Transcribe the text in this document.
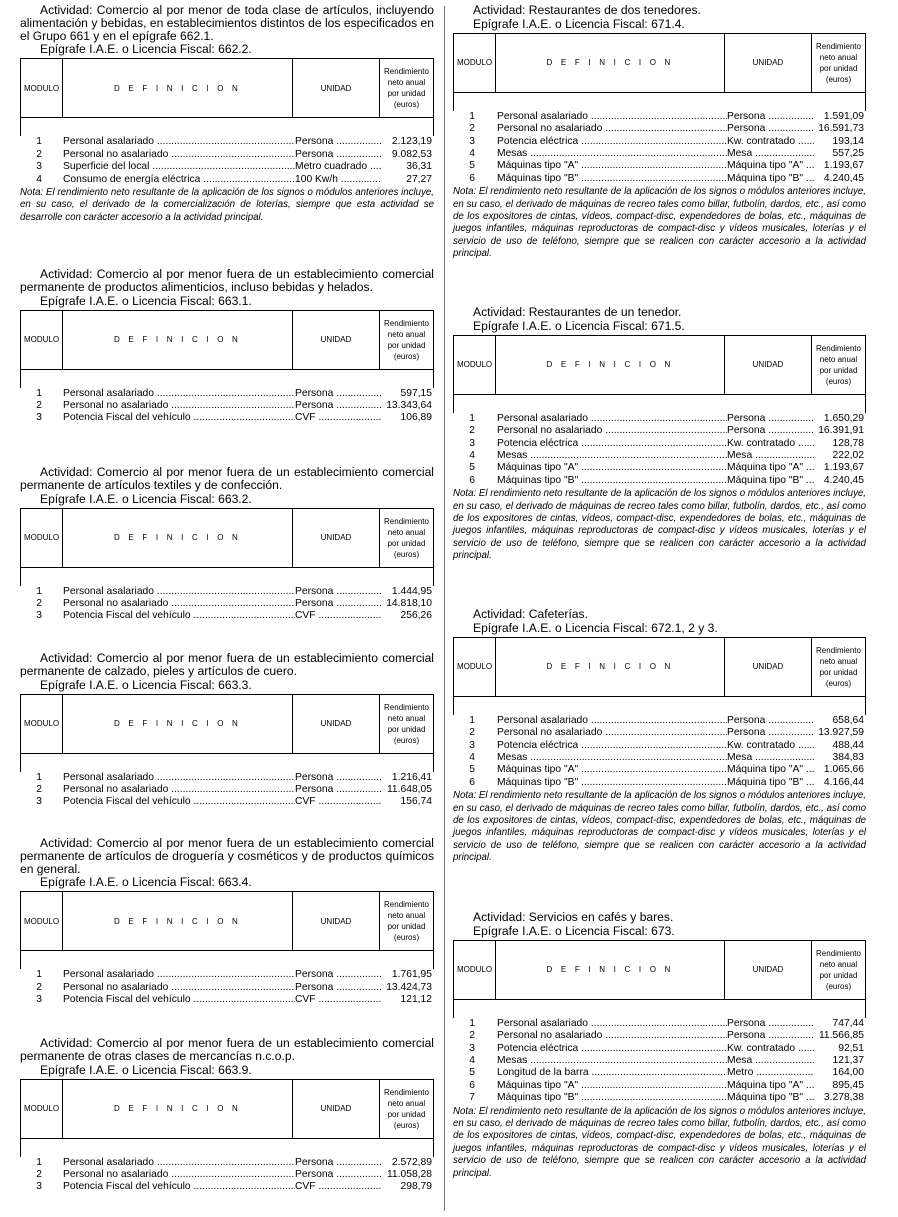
Actividad: Comercio al por menor de toda clase de artículos, incluyendo alimentación y bebidas, en establecimientos distintos de los especificados en el Grupo 661 y en el epígrafe 662.1.
Epígrafe I.A.E. o Licencia Fiscal: 662.2.
MODULO	D E F I N I C I O N	UNIDAD
Rendimiento
neto anual
por unidad
(euros)
1 Personal asalariado .....	Persona .....	2.123,19
2 Personal no asalariado .....	Persona .....	9.082,53
3 Superficie del local .....	Metro cuadrado .....	36,31
4 Consumo de energía eléctrica .....	100 Kw/h .....	27,27
Nota: El rendimiento neto resultante de la aplicación de los signos o módulos anteriores incluye, en su caso, el derivado de la comercialización de loterías, siempre que esta actividad se desarrolle con carácter accesorio a la actividad principal.
Actividad: Comercio al por menor fuera de un establecimiento comercial permanente de productos alimenticios, incluso bebidas y helados.
Epígrafe I.A.E. o Licencia Fiscal: 663.1.
MODULO	D E F I N I C I O N	UNIDAD
Rendimiento
neto anual
por unidad
(euros)
1 Personal asalariado .....	Persona .....	597,15
2 Personal no asalariado .....	Persona .....	13.343,64
3 Potencia Fiscal del vehículo .....	CVF .....	106,89
Actividad: Comercio al por menor fuera de un establecimiento comercial permanente de artículos textiles y de confección.
Epígrafe I.A.E. o Licencia Fiscal: 663.2.
MODULO	D E F I N I C I O N	UNIDAD
Rendimiento
neto anual
por unidad
(euros)
1 Personal asalariado .....	Persona .....	1.444,95
2 Personal no asalariado .....	Persona .....	14.818,10
3 Potencia Fiscal del vehículo .....	CVF .....	256,26
Actividad: Comercio al por menor fuera de un establecimiento comercial permanente de calzado, pieles y artículos de cuero.
Epígrafe I.A.E. o Licencia Fiscal: 663.3.
MODULO	D E F I N I C I O N	UNIDAD
Rendimiento
neto anual
por unidad
(euros)
1 Personal asalariado .....	Persona .....	1.216,41
2 Personal no asalariado .....	Persona .....	11.648,05
3 Potencia Fiscal del vehículo .....	CVF .....	156,74
Actividad: Comercio al por menor fuera de un establecimiento comercial permanente de artículos de droguería y cosméticos y de productos químicos en general.
Epígrafe I.A.E. o Licencia Fiscal: 663.4.
MODULO	D E F I N I C I O N	UNIDAD
Rendimiento
neto anual
por unidad
(euros)
1 Personal asalariado .....	Persona .....	1.761,95
2 Personal no asalariado .....	Persona .....	13.424,73
3 Potencia Fiscal del vehículo .....	CVF .....	121,12
Actividad: Comercio al por menor fuera de un establecimiento comercial permanente de otras clases de mercancías n.c.o.p.
Epígrafe I.A.E. o Licencia Fiscal: 663.9.
MODULO	D E F I N I C I O N	UNIDAD
Rendimiento
neto anual
por unidad
(euros)
1 Personal asalariado .....	Persona .....	2.572,89
2 Personal no asalariado .....	Persona .....	11.058,28
3 Potencia Fiscal del vehículo .....	CVF .....	298,79
Actividad: Restaurantes de dos tenedores.
Epígrafe I.A.E. o Licencia Fiscal: 671.4.
MODULO	D E F I N I C I O N	UNIDAD
Rendimiento
neto anual
por unidad
(euros)
1 Personal asalariado .....	Persona .....	1.591,09
2 Personal no asalariado .....	Persona .....	16.591,73
3 Potencia eléctrica .....	Kw. contratado .....	193,14
4 Mesas .....	Mesa .....	557,25
5 Máquinas tipo "A" .....	Máquina tipo "A" .....	1.193,67
6 Máquinas tipo "B" .....	Máquina tipo "B" .....	4.240,45
Nota: El rendimiento neto resultante de la aplicación de los signos o módulos anteriores incluye, en su caso, el derivado de máquinas de recreo tales como billar, futbolín, dardos, etc., así como de los expositores de cintas, vídeos, compact-disc, expendedores de bolas, etc., máquinas de juegos infantiles, máquinas reproductoras de compact-disc y vídeos musicales, loterías y el servicio de uso de teléfono, siempre que se realicen con carácter accesorio a la actividad principal.
Actividad: Restaurantes de un tenedor.
Epígrafe I.A.E. o Licencia Fiscal: 671.5.
MODULO	D E F I N I C I O N	UNIDAD
Rendimiento
neto anual
por unidad
(euros)
1 Personal asalariado .....	Persona .....	1.650,29
2 Personal no asalariado .....	Persona .....	16.391,91
3 Potencia eléctrica .....	Kw. contratado .....	128,78
4 Mesas .....	Mesa .....	222,02
5 Máquinas tipo "A" .....	Máquina tipo "A" .....	1.193,67
6 Máquinas tipo "B" .....	Máquina tipo "B" .....	4.240,45
Nota: El rendimiento neto resultante de la aplicación de los signos o módulos anteriores incluye, en su caso, el derivado de máquinas de recreo tales como billar, futbolín, dardos, etc., así como de los expositores de cintas, vídeos, compact-disc, expendedores de bolas, etc., máquinas de juegos infantiles, máquinas reproductoras de compact-disc y vídeos musicales, loterías y el servicio de uso de teléfono, siempre que se realicen con carácter accesorio a la actividad principal.
Actividad: Cafeterías.
Epígrafe I.A.E. o Licencia Fiscal: 672.1, 2 y 3.
MODULO	D E F I N I C I O N	UNIDAD
Rendimiento
neto anual
por unidad
(euros)
1 Personal asalariado .....	Persona .....	658,64
2 Personal no asalariado .....	Persona .....	13.927,59
3 Potencia eléctrica .....	Kw. contratado .....	488,44
4 Mesas .....	Mesa .....	384,83
5 Máquinas tipo "A" .....	Máquina tipo "A" .....	1.065,66
6 Máquinas tipo "B" .....	Máquina tipo "B" .....	4.166,44
Nota: El rendimiento neto resultante de la aplicación de los signos o módulos anteriores incluye, en su caso, el derivado de máquinas de recreo tales como billar, futbolín, dardos, etc., así como de los expositores de cintas, vídeos, compact-disc, expendedores de bolas, etc., máquinas de juegos infantiles, máquinas reproductoras de compact-disc y vídeos musicales, loterías y el servicio de uso de teléfono, siempre que se realicen con carácter accesorio a la actividad principal.
Actividad: Servicios en cafés y bares.
Epígrafe I.A.E. o Licencia Fiscal: 673.
MODULO	D E F I N I C I O N	UNIDAD
Rendimiento
neto anual
por unidad
(euros)
1 Personal asalariado .....	Persona .....	747,44
2 Personal no asalariado .....	Persona .....	11.566,85
3 Potencia eléctrica .....	Kw. contratado .....	92,51
4 Mesas .....	Mesa .....	121,37
5 Longitud de la barra .....	Metro .....	164,00
6 Máquinas tipo "A" .....	Máquina tipo "A" .....	895,45
7 Máquinas tipo "B" .....	Máquina tipo "B" .....	3.278,38
Nota: El rendimiento neto resultante de la aplicación de los signos o módulos anteriores incluye, en su caso, el derivado de máquinas de recreo tales como billar, futbolín, dardos, etc., así como de los expositores de cintas, vídeos, compact-disc, expendedores de bolas, etc., máquinas de juegos infantiles, máquinas reproductoras de compact-disc y vídeos musicales, loterías y el servicio de uso de teléfono, siempre que se realicen con carácter accesorio a la actividad principal.
